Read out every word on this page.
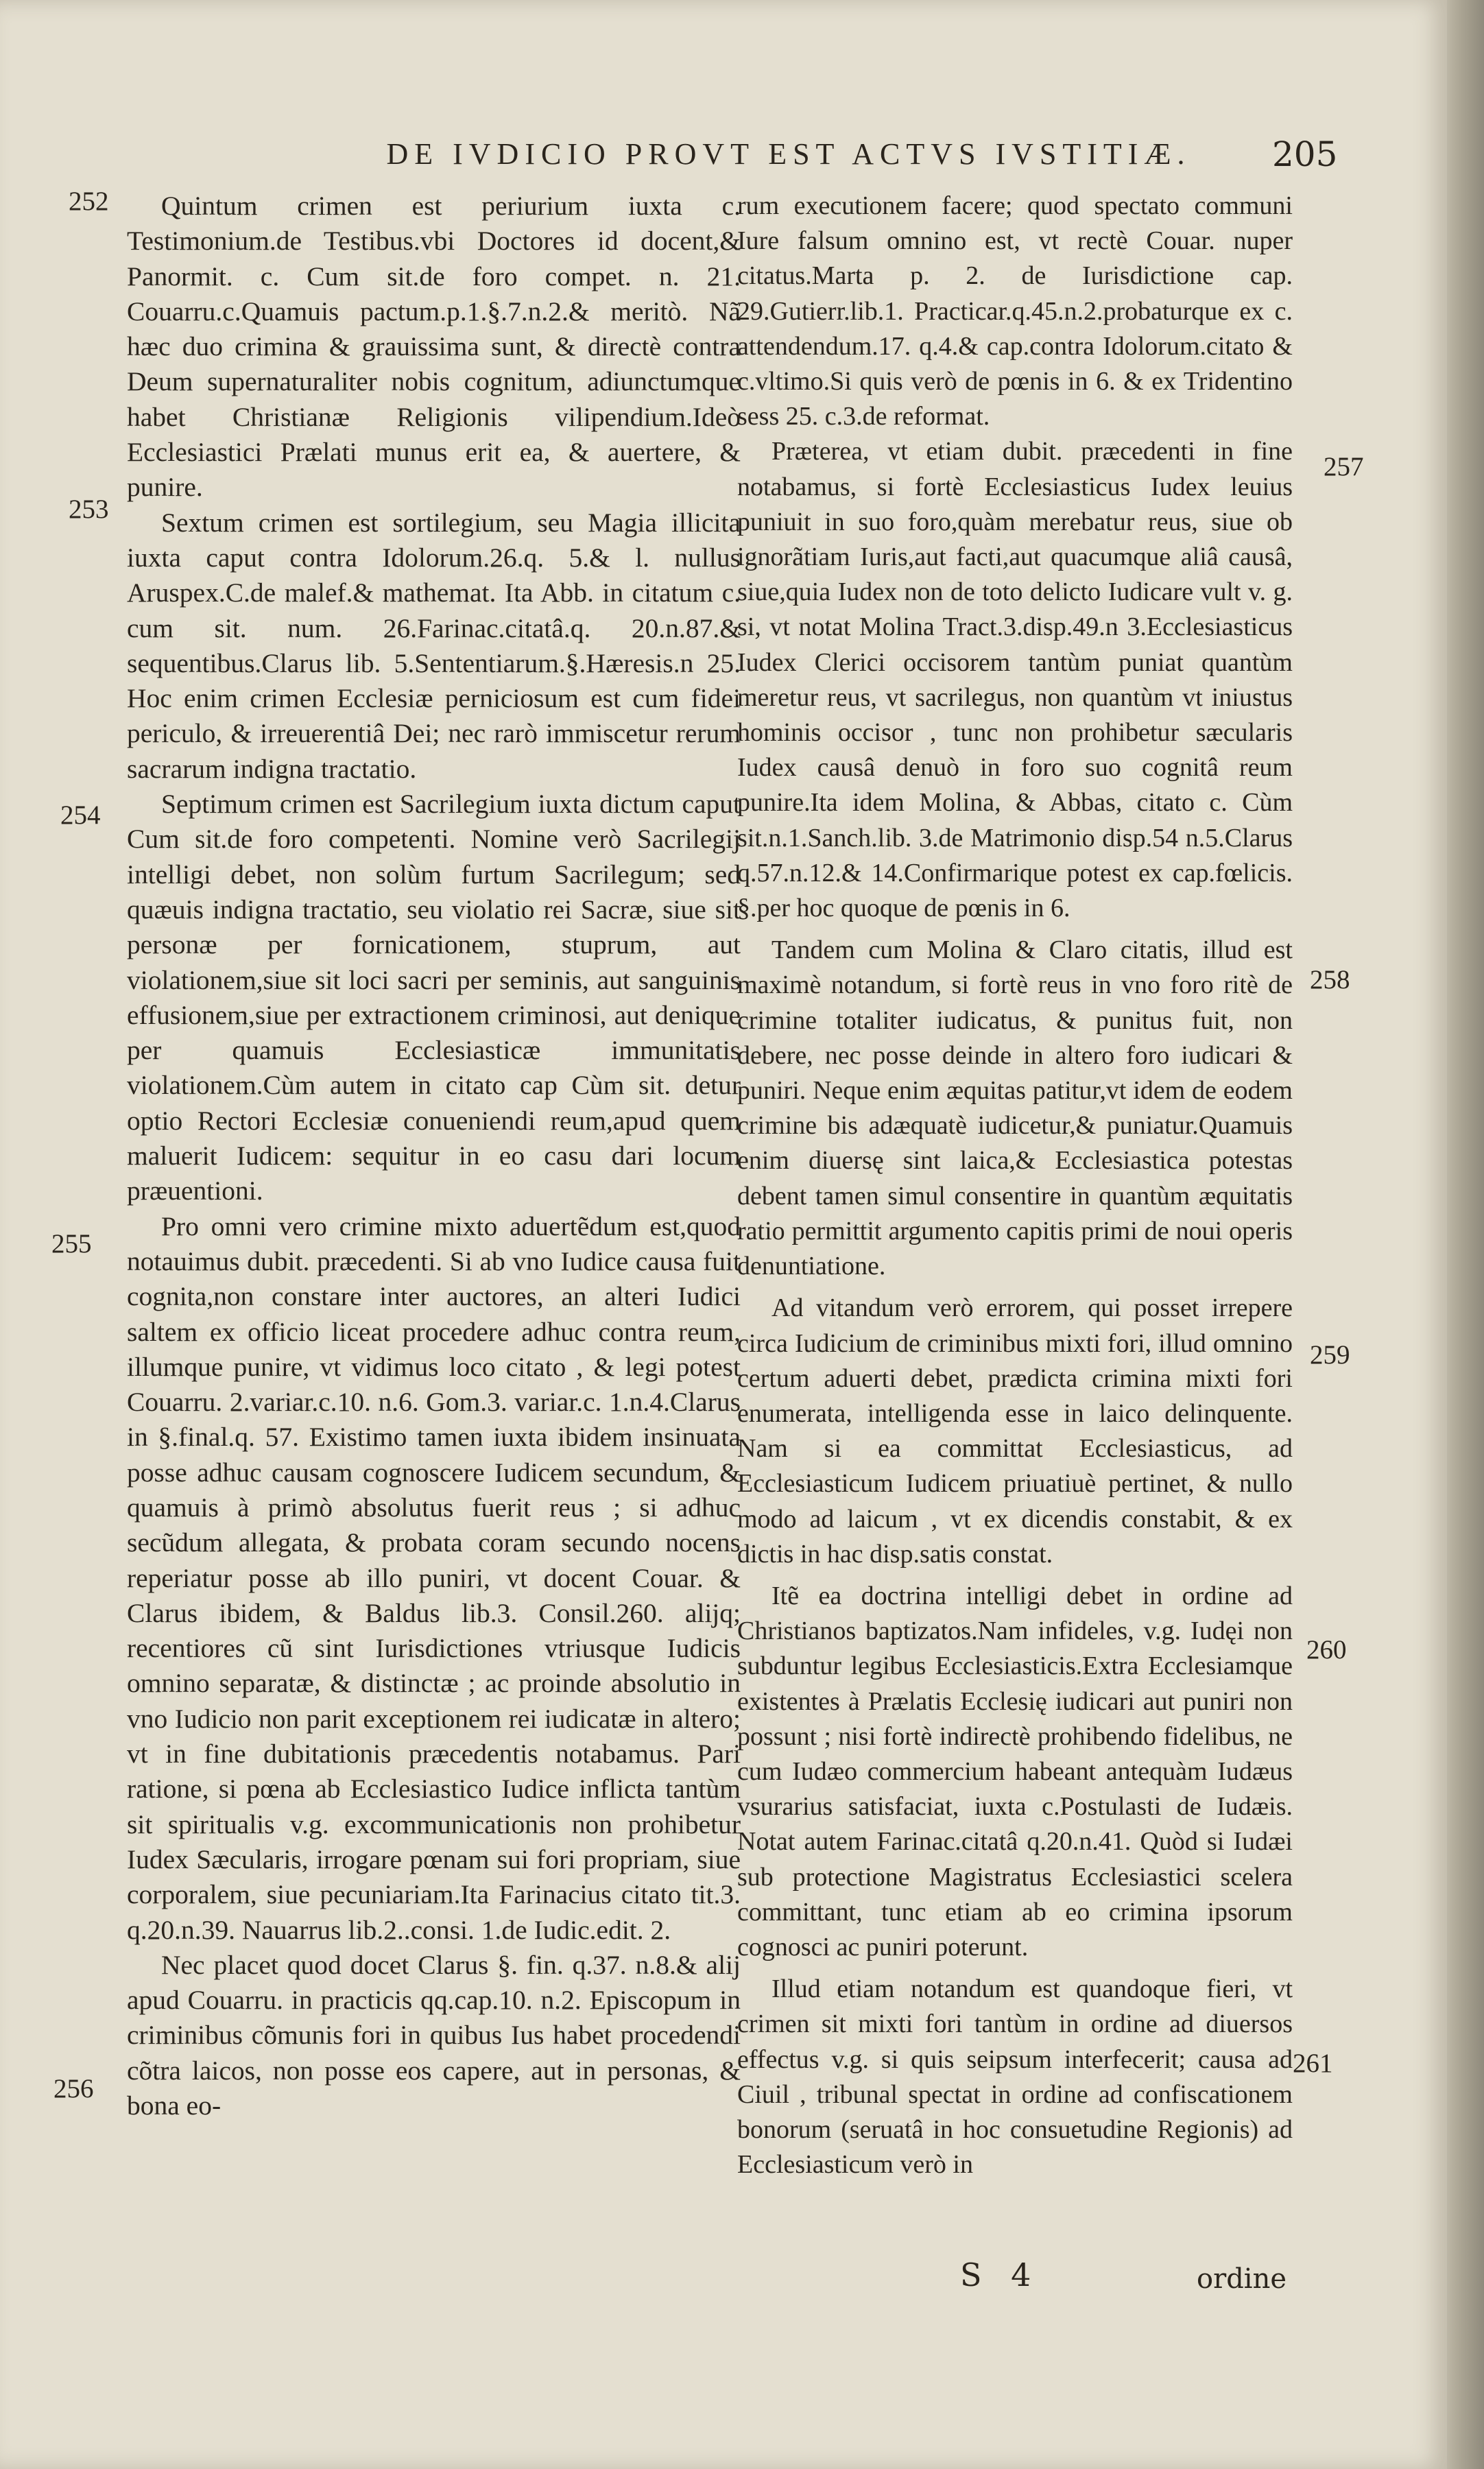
DE IVDICIO PROVT EST ACTVS IVSTITIÆ.	205
252
253
254
255
256
257
258
259
260
261

Quintum crimen est periurium iuxta c. Testimonium.de Testibus.vbi Doctores id docent,& Panormit. c. Cum sit.de foro compet. n. 21. Couarru.c.Quamuis pactum.p.1.§.7.n.2.& meritò. Nã hæc duo crimina & grauissima sunt, & directè contra Deum supernaturaliter nobis cognitum, adiunctumque habet Christianæ Religionis vilipendium.Ideò Ecclesiastici Prælati munus erit ea, & auertere, & punire.

Sextum crimen est sortilegium, seu Magia illicita iuxta caput contra Idolorum.26.q. 5.& l. nullus Aruspex.C.de malef.& mathemat. Ita Abb. in citatum c. cum sit. num. 26.Farinac.citatâ.q. 20.n.87.& sequentibus.Clarus lib. 5.Sententiarum.§.Hæresis.n 25. Hoc enim crimen Ecclesiæ perniciosum est cum fidei periculo, & irreuerentiâ Dei; nec rarò immiscetur rerum sacrarum indigna tractatio.

Septimum crimen est Sacrilegium iuxta dictum caput Cum sit.de foro competenti. Nomine verò Sacrilegij intelligi debet, non solùm furtum Sacrilegum; sed quæuis indigna tractatio, seu violatio rei Sacræ, siue sit personæ per fornicationem, stuprum, aut violationem,siue sit loci sacri per seminis, aut sanguinis effusionem,siue per extractionem criminosi, aut denique per quamuis Ecclesiasticæ immunitatis violationem.Cùm autem in citato cap Cùm sit. detur optio Rectori Ecclesiæ conueniendi reum,apud quem maluerit Iudicem: sequitur in eo casu dari locum præuentioni.

Pro omni vero crimine mixto aduertẽdum est,quod notauimus dubit. præcedenti. Si ab vno Iudice causa fuit cognita,non constare inter auctores, an alteri Iudici saltem ex officio liceat procedere adhuc contra reum, illumque punire, vt vidimus loco citato , & legi potest Couarru. 2.variar.c.10. n.6. Gom.3. variar.c. 1.n.4.Clarus in §.final.q. 57. Existimo tamen iuxta ibidem insinuata posse adhuc causam cognoscere Iudicem secundum, & quamuis à primò absolutus fuerit reus ; si adhuc secũdum allegata, & probata coram secundo nocens reperiatur posse ab illo puniri, vt docent Couar. & Clarus ibidem, & Baldus lib.3. Consil.260. alijq; recentiores cũ sint Iurisdictiones vtriusque Iudicis omnino separatæ, & distinctæ ; ac proinde absolutio in vno Iudicio non parit exceptionem rei iudicatæ in altero; vt in fine dubitationis præcedentis notabamus. Pari ratione, si pœna ab Ecclesiastico Iudice inflicta tantùm sit spiritualis v.g. excommunicationis non prohibetur Iudex Sæcularis, irrogare pœnam sui fori propriam, siue corporalem, siue pecuniariam.Ita Farinacius citato tit.3. q.20.n.39. Nauarrus lib.2..consi. 1.de Iudic.edit. 2.

Nec placet quod docet Clarus §. fin. q.37. n.8.& alij apud Couarru. in practicis qq.cap.10. n.2. Episcopum in criminibus cõmunis fori in quibus Ius habet procedendi cõtra laicos, non posse eos capere, aut in personas, & bona eo-

rum executionem facere; quod spectato communi Iure falsum omnino est, vt rectè Couar. nuper citatus.Marta p. 2. de Iurisdictione cap. 29.Gutierr.lib.1. Practicar.q.45.n.2.probaturque ex c. attendendum.17. q.4.& cap.contra Idolorum.citato & c.vltimo.Si quis verò de pœnis in 6. & ex Tridentino sess 25. c.3.de reformat.

Præterea, vt etiam dubit. præcedenti in fine notabamus, si fortè Ecclesiasticus Iudex leuius puniuit in suo foro,quàm merebatur reus, siue ob ignorãtiam Iuris,aut facti,aut quacumque aliâ causâ, siue,quia Iudex non de toto delicto Iudicare vult v. g. si, vt notat Molina Tract.3.disp.49.n 3.Ecclesiasticus Iudex Clerici occisorem tantùm puniat quantùm meretur reus, vt sacrilegus, non quantùm vt iniustus hominis occisor , tunc non prohibetur sæcularis Iudex causâ denuò in foro suo cognitâ reum punire.Ita idem Molina, & Abbas, citato c. Cùm sit.n.1.Sanch.lib. 3.de Matrimonio disp.54 n.5.Clarus q.57.n.12.& 14.Confirmarique potest ex cap.fœlicis. §.per hoc quoque de pœnis in 6.

Tandem cum Molina & Claro citatis, illud est maximè notandum, si fortè reus in vno foro ritè de crimine totaliter iudicatus, & punitus fuit, non debere, nec posse deinde in altero foro iudicari & puniri. Neque enim æquitas patitur,vt idem de eodem crimine bis adæquatè iudicetur,& puniatur.Quamuis enim diuersę sint laica,& Ecclesiastica potestas debent tamen simul consentire in quantùm æquitatis ratio permittit argumento capitis primi de noui operis denuntiatione.

Ad vitandum verò errorem, qui posset irrepere circa Iudicium de criminibus mixti fori, illud omnino certum aduerti debet, prædicta crimina mixti fori enumerata, intelligenda esse in laico delinquente. Nam si ea committat Ecclesiasticus, ad Ecclesiasticum Iudicem priuatiuè pertinet, & nullo modo ad laicum , vt ex dicendis constabit, & ex dictis in hac disp.satis constat.

Itẽ ea doctrina intelligi debet in ordine ad Christianos baptizatos.Nam infideles, v.g. Iudęi non subduntur legibus Ecclesiasticis.Extra Ecclesiamque existentes à Prælatis Ecclesię iudicari aut puniri non possunt ; nisi fortè indirectè prohibendo fidelibus, ne cum Iudæo commercium habeant antequàm Iudæus vsurarius satisfaciat, iuxta c.Postulasti de Iudæis. Notat autem Farinac.citatâ q.20.n.41. Quòd si Iudæi sub protectione Magistratus Ecclesiastici scelera committant, tunc etiam ab eo crimina ipsorum cognosci ac puniri poterunt.

Illud etiam notandum est quandoque fieri, vt crimen sit mixti fori tantùm in ordine ad diuersos effectus v.g. si quis seipsum interfecerit; causa ad Ciuil , tribunal spectat in ordine ad confiscationem bonorum (seruatâ in hoc consuetudine Regionis) ad Ecclesiasticum verò in

S 4	ordine
